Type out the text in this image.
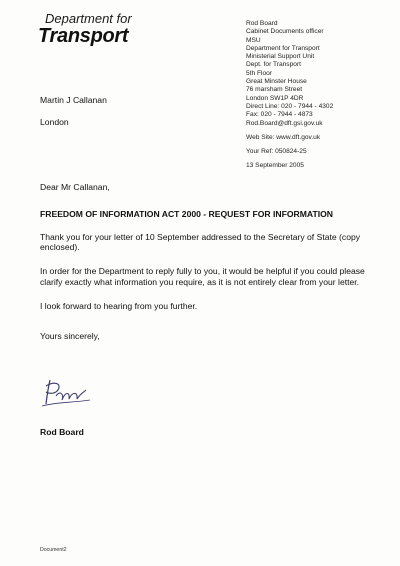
Department for
Transport
Rod Board
Cabinet Documents officer
MSU
Department for Transport
Ministerial Support Unit
Dept. for Transport
5th Floor
Great Minster House
76 marsham Street
London SW1P 4DR
Direct Line: 020 - 7944 - 4302
Fax: 020 - 7944 - 4873
Rod.Board@dft.gsi.gov.uk
Web Site: www.dft.gov.uk
Your Ref: 050824-25
13 September 2005
Martin J Callanan
London
Dear Mr Callanan,
FREEDOM OF INFORMATION ACT 2000 - REQUEST FOR INFORMATION
Thank you for your letter of 10 September addressed to the Secretary of State (copy enclosed).
In order for the Department to reply fully to you, it would be helpful if you could please clarify exactly what information you require, as it is not entirely clear from your letter.
I look forward to hearing from you further.
Yours sincerely,
Rod Board
Document2
